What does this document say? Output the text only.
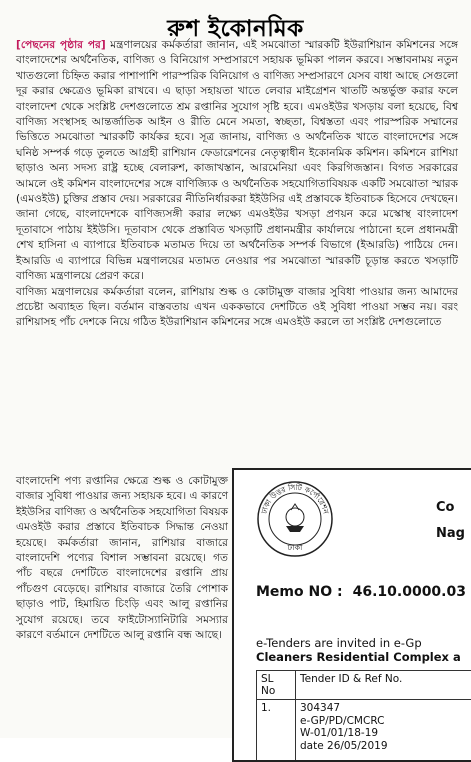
রুশ ইকোনমিক

[পেছনের পৃষ্ঠার পর] মন্ত্রণালয়ের কর্মকর্তারা জানান, এই সমঝোতা স্মারকটি ইউরাশিয়ান কমিশনের সঙ্গে বাংলাদেশের অর্থনৈতিক, বাণিজ্য ও বিনিয়োগ সম্প্রসারণে সহায়ক ভূমিকা পালন করবে। সম্ভাবনাময় নতুন খাতগুলো চিহ্নিত করার পাশাপাশি পারস্পরিক বিনিয়োগ ও বাণিজ্য সম্প্রসারণে যেসব বাধা আছে সেগুলো দূর করার ক্ষেত্রেও ভূমিকা রাখবে। এ ছাড়া সহায়তা খাতে লেবার মাইগ্রেশন খাতটি অন্তর্ভুক্ত করার ফলে বাংলাদেশ থেকে সংশ্লিষ্ট দেশগুলোতে শ্রম রপ্তানির সুযোগ সৃষ্টি হবে। এমওইউর খসড়ায় বলা হয়েছে, বিশ্ব বাণিজ্য সংস্থাসহ আন্তর্জাতিক আইন ও রীতি মেনে সমতা, স্বচ্ছতা, বিশ্বস্ততা এবং পারস্পরিক সম্মানের ভিত্তিতে সমঝোতা স্মারকটি কার্যকর হবে। সূত্র জানায়, বাণিজ্য ও অর্থনৈতিক খাতে বাংলাদেশের সঙ্গে ঘনিষ্ঠ সম্পর্ক গড়ে তুলতে আগ্রহী রাশিয়ান ফেডারেশনের নেতৃত্বাধীন ইকোনমিক কমিশন। কমিশনে রাশিয়া ছাড়াও অন্য সদস্য রাষ্ট্র হচ্ছে বেলারুশ, কাজাখস্তান, আরমেনিয়া এবং কিরগিজস্তান। বিগত সরকারের আমলে ওই কমিশন বাংলাদেশের সঙ্গে বাণিজ্যিক ও অর্থনৈতিক সহযোগিতাবিষয়ক একটি সমঝোতা স্মারক (এমওইউ) চুক্তির প্রস্তাব দেয়। সরকারের নীতিনির্ধারকরা ইইউসির এই প্রস্তাবকে ইতিবাচক হিসেবে দেখছেন। জানা গেছে, বাংলাদেশকে বাণিজ্যসঙ্গী করার লক্ষ্যে এমওইউর খসড়া প্রণয়ন করে মস্কোস্থ বাংলাদেশ দূতাবাসে পাঠায় ইইউসি। দূতাবাস থেকে প্রস্তাবিত খসড়াটি প্রধানমন্ত্রীর কার্যালয়ে পাঠানো হলে প্রধানমন্ত্রী শেখ হাসিনা এ ব্যাপারে ইতিবাচক মতামত দিয়ে তা অর্থনৈতিক সম্পর্ক বিভাগে (ইআরডি) পাঠিয়ে দেন। ইআরডি এ ব্যাপারে বিভিন্ন মন্ত্রণালয়ের মতামত নেওয়ার পর সমঝোতা স্মারকটি চূড়ান্ত করতে খসড়াটি বাণিজ্য মন্ত্রণালয়ে প্রেরণ করে।

বাণিজ্য মন্ত্রণালয়ের কর্মকর্তারা বলেন, রাশিয়ায় শুল্ক ও কোটামুক্ত বাজার সুবিধা পাওয়ার জন্য আমাদের প্রচেষ্টা অব্যাহত ছিল। বর্তমান বাস্তবতায় এখন এককভাবে দেশটিতে ওই সুবিধা পাওয়া সম্ভব নয়। বরং রাশিয়াসহ পাঁচ দেশকে নিয়ে গঠিত ইউরাশিয়ান কমিশনের সঙ্গে এমওইউ করলে তা সংশ্লিষ্ট দেশগুলোতে

বাংলাদেশি পণ্য রপ্তানির ক্ষেত্রে শুল্ক ও কোটামুক্ত বাজার সুবিধা পাওয়ার জন্য সহায়ক হবে। এ কারণে ইইউসির বাণিজ্য ও অর্থনৈতিক সহযোগিতা বিষয়ক এমওইউ করার প্রস্তাবে ইতিবাচক সিদ্ধান্ত নেওয়া হয়েছে। কর্মকর্তারা জানান, রাশিয়ার বাজারে বাংলাদেশি পণ্যের বিশাল সম্ভাবনা রয়েছে। গত পাঁচ বছরে দেশটিতে বাংলাদেশের রপ্তানি প্রায় পাঁচগুণ বেড়েছে। রাশিয়ার বাজারে তৈরি পোশাক ছাড়াও পাট, হিমায়িত চিংড়ি এবং আলু রপ্তানির সুযোগ রয়েছে। তবে ফাইটোস্যানিটারি সমস্যার কারণে বর্তমানে দেশটিতে আলু রপ্তানি বন্ধ আছে।

ঢাকা উত্তর সিটি কর্পোরেশন
ঢাকা
Co
Nag
Memo NO : 46.10.0000.03
e-Tenders are invited in e-Gp
Cleaners Residential Complex a
SL No	Tender ID & Ref No.
1.	304347
e-GP/PD/CMCRC
W-01/01/18-19
date 26/05/2019
